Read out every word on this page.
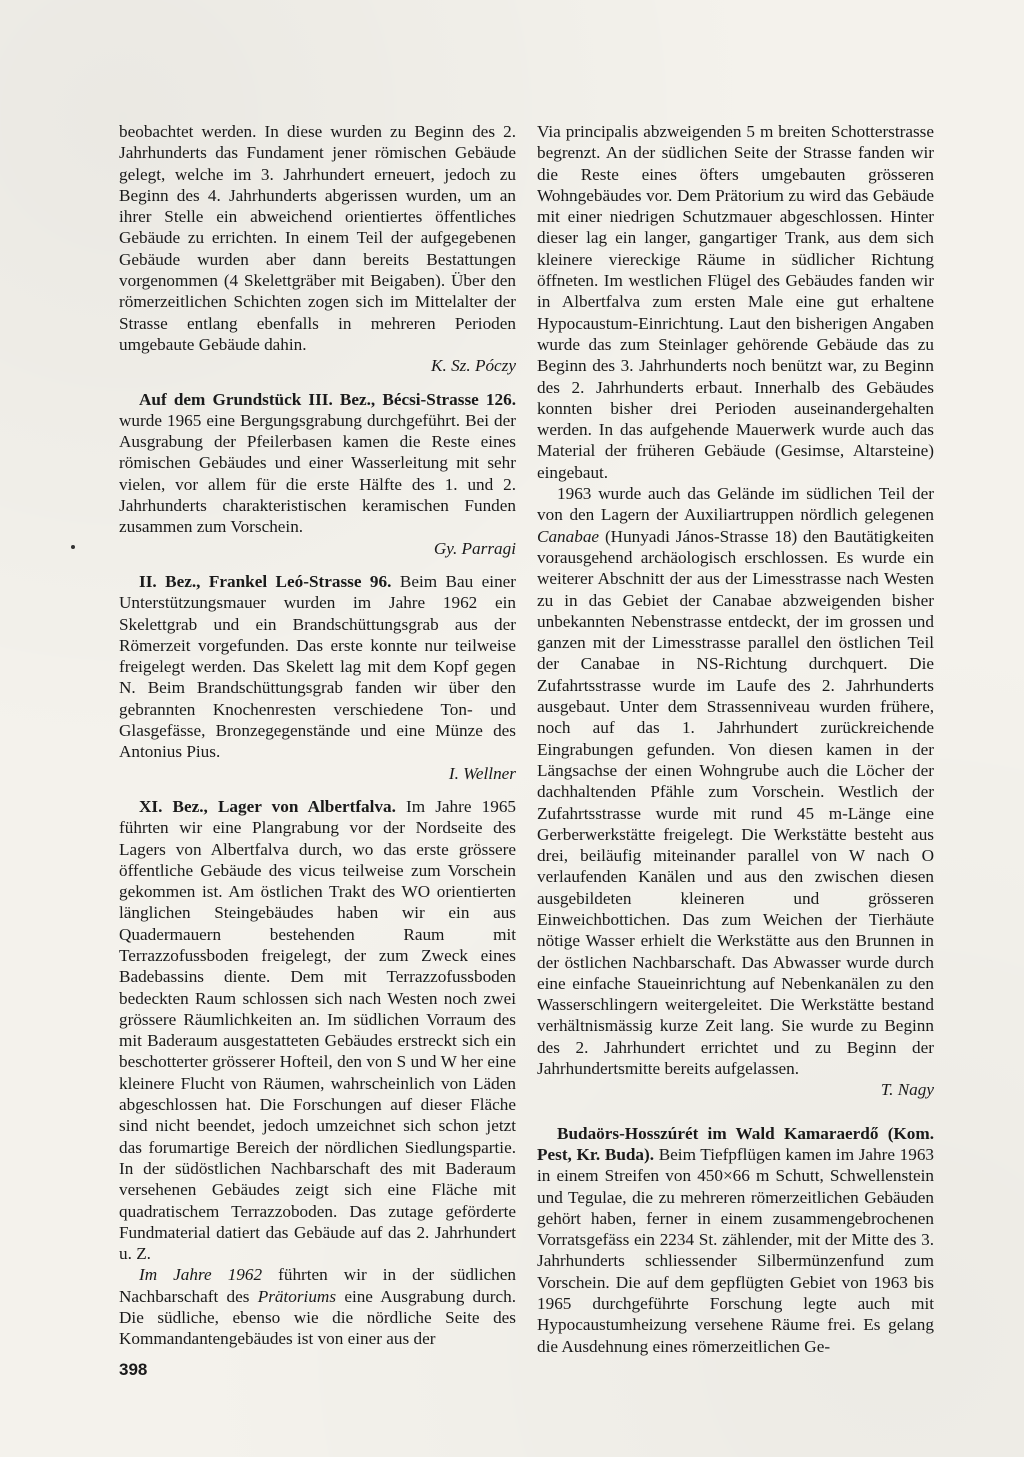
beobachtet werden. In diese wurden zu Beginn des 2. Jahrhunderts das Fundament jener römischen Gebäude gelegt, welche im 3. Jahrhundert erneuert, jedoch zu Beginn des 4. Jahrhunderts abgerissen wurden, um an ihrer Stelle ein abweichend orientiertes öffentliches Gebäude zu errichten. In einem Teil der aufgegebenen Gebäude wurden aber dann bereits Bestattungen vorgenommen (4 Skelettgräber mit Beigaben). Über den römerzeitlichen Schichten zogen sich im Mittelalter der Strasse entlang ebenfalls in mehreren Perioden umgebaute Gebäude dahin.

K. Sz. Póczy

Auf dem Grundstück III. Bez., Bécsi-Strasse 126. wurde 1965 eine Bergungsgrabung durchgeführt. Bei der Ausgrabung der Pfeilerbasen kamen die Reste eines römischen Gebäudes und einer Wasserleitung mit sehr vielen, vor allem für die erste Hälfte des 1. und 2. Jahrhunderts charakteristischen keramischen Funden zusammen zum Vorschein.

Gy. Parragi

II. Bez., Frankel Leó-Strasse 96. Beim Bau einer Unterstützungsmauer wurden im Jahre 1962 ein Skelettgrab und ein Brandschüttungsgrab aus der Römerzeit vorgefunden. Das erste konnte nur teilweise freigelegt werden. Das Skelett lag mit dem Kopf gegen N. Beim Brandschüttungsgrab fanden wir über den gebrannten Knochenresten verschiedene Ton- und Glasgefässe, Bronzegegenstände und eine Münze des Antonius Pius.

I. Wellner

XI. Bez., Lager von Albertfalva. Im Jahre 1965 führten wir eine Plangrabung vor der Nordseite des Lagers von Albertfalva durch, wo das erste grössere öffentliche Gebäude des vicus teilweise zum Vorschein gekommen ist. Am östlichen Trakt des WO orientierten länglichen Steingebäudes haben wir ein aus Quadermauern bestehenden Raum mit Terrazzofussboden freigelegt, der zum Zweck eines Badebassins diente. Dem mit Terrazzofussboden bedeckten Raum schlossen sich nach Westen noch zwei grössere Räumlichkeiten an. Im südlichen Vorraum des mit Baderaum ausgestatteten Gebäudes erstreckt sich ein beschotterter grösserer Hofteil, den von S und W her eine kleinere Flucht von Räumen, wahrscheinlich von Läden abgeschlossen hat. Die Forschungen auf dieser Fläche sind nicht beendet, jedoch umzeichnet sich schon jetzt das forumartige Bereich der nördlichen Siedlungspartie. In der südöstlichen Nachbarschaft des mit Baderaum versehenen Gebäudes zeigt sich eine Fläche mit quadratischem Terrazzoboden. Das zutage geförderte Fundmaterial datiert das Gebäude auf das 2. Jahrhundert u. Z.

Im Jahre 1962 führten wir in der südlichen Nachbarschaft des Prätoriums eine Ausgrabung durch. Die südliche, ebenso wie die nördliche Seite des Kommandantengebäudes ist von einer aus der

Via principalis abzweigenden 5 m breiten Schotterstrasse begrenzt. An der südlichen Seite der Strasse fanden wir die Reste eines öfters umgebauten grösseren Wohngebäudes vor. Dem Prätorium zu wird das Gebäude mit einer niedrigen Schutzmauer abgeschlossen. Hinter dieser lag ein langer, gangartiger Trank, aus dem sich kleinere viereckige Räume in südlicher Richtung öffneten. Im westlichen Flügel des Gebäudes fanden wir in Albertfalva zum ersten Male eine gut erhaltene Hypocaustum-Einrichtung. Laut den bisherigen Angaben wurde das zum Steinlager gehörende Gebäude das zu Beginn des 3. Jahrhunderts noch benützt war, zu Beginn des 2. Jahrhunderts erbaut. Innerhalb des Gebäudes konnten bisher drei Perioden auseinandergehalten werden. In das aufgehende Mauerwerk wurde auch das Material der früheren Gebäude (Gesimse, Altarsteine) eingebaut.

1963 wurde auch das Gelände im südlichen Teil der von den Lagern der Auxiliartruppen nördlich gelegenen Canabae (Hunyadi János-Strasse 18) den Bautätigkeiten vorausgehend archäologisch erschlossen. Es wurde ein weiterer Abschnitt der aus der Limesstrasse nach Westen zu in das Gebiet der Canabae abzweigenden bisher unbekannten Nebenstrasse entdeckt, der im grossen und ganzen mit der Limesstrasse parallel den östlichen Teil der Canabae in NS-Richtung durchquert. Die Zufahrtsstrasse wurde im Laufe des 2. Jahrhunderts ausgebaut. Unter dem Strassenniveau wurden frühere, noch auf das 1. Jahrhundert zurückreichende Eingrabungen gefunden. Von diesen kamen in der Längsachse der einen Wohngrube auch die Löcher der dachhaltenden Pfähle zum Vorschein. Westlich der Zufahrtsstrasse wurde mit rund 45 m-Länge eine Gerberwerkstätte freigelegt. Die Werkstätte besteht aus drei, beiläufig miteinander parallel von W nach O verlaufenden Kanälen und aus den zwischen diesen ausgebildeten kleineren und grösseren Einweichbottichen. Das zum Weichen der Tierhäute nötige Wasser erhielt die Werkstätte aus den Brunnen in der östlichen Nachbarschaft. Das Abwasser wurde durch eine einfache Staueinrichtung auf Nebenkanälen zu den Wasserschlingern weitergeleitet. Die Werkstätte bestand verhältnismässig kurze Zeit lang. Sie wurde zu Beginn des 2. Jahrhundert errichtet und zu Beginn der Jahrhundertsmitte bereits aufgelassen.

T. Nagy

Budaörs-Hosszúrét im Wald Kamaraerdő (Kom. Pest, Kr. Buda). Beim Tiefpflügen kamen im Jahre 1963 in einem Streifen von 450×66 m Schutt, Schwellenstein und Tegulae, die zu mehreren römerzeitlichen Gebäuden gehört haben, ferner in einem zusammengebrochenen Vorratsgefäss ein 2234 St. zählender, mit der Mitte des 3. Jahrhunderts schliessender Silbermünzenfund zum Vorschein. Die auf dem gepflügten Gebiet von 1963 bis 1965 durchgeführte Forschung legte auch mit Hypocaustumheizung versehene Räume frei. Es gelang die Ausdehnung eines römerzeitlichen Ge-

398
